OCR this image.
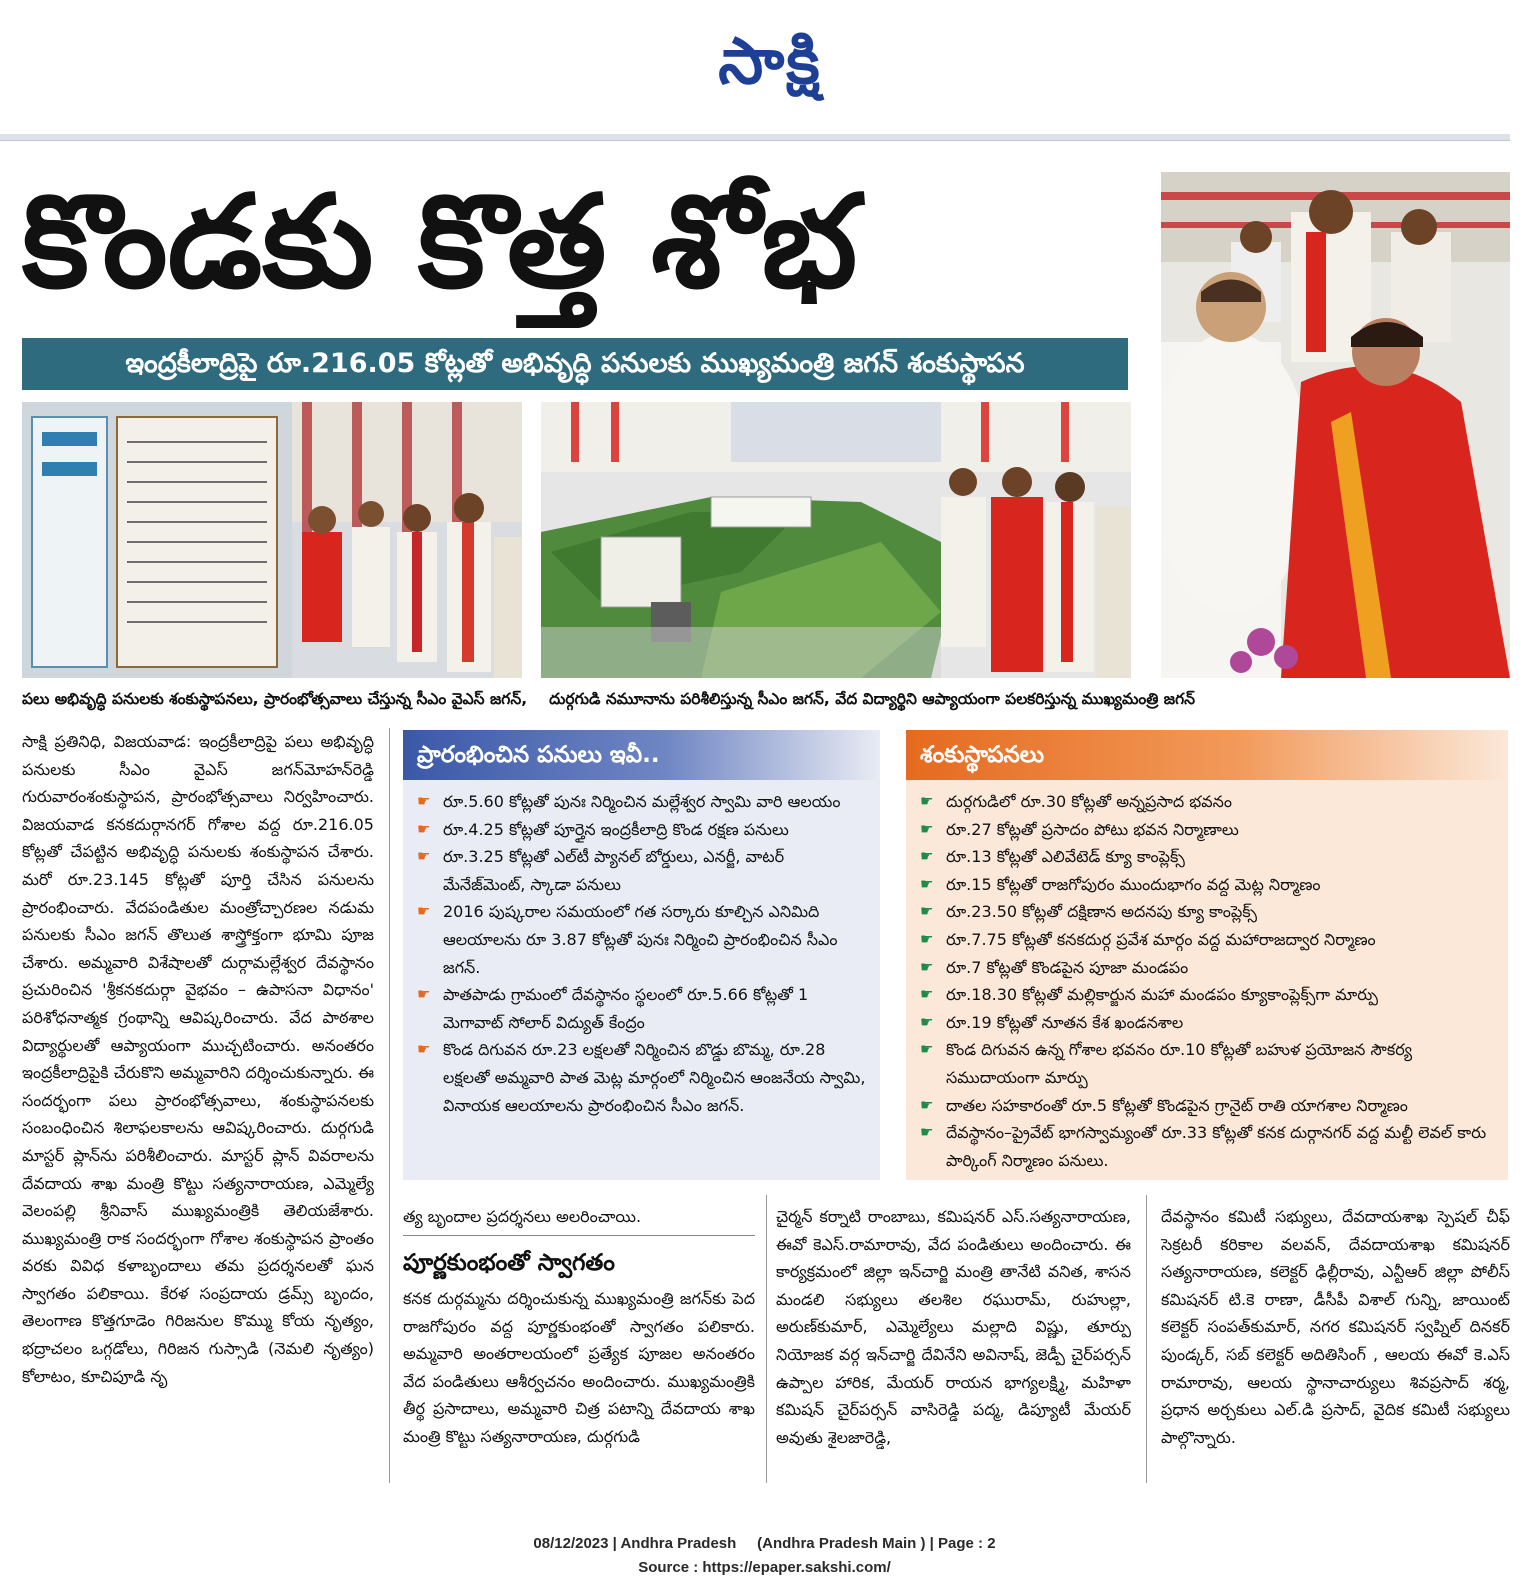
సాక్షి
కొండకు కొత్త శోభ
ఇంద్రకీలాద్రిపై రూ.216.05 కోట్లతో అభివృద్ధి పనులకు ముఖ్యమంత్రి జగన్ శంకుస్థాపన
పలు అభివృద్ధి పనులకు శంకుస్థాపనలు, ప్రారంభోత్సవాలు చేస్తున్న సీఎం వైఎస్ జగన్, దుర్గగుడి నమూనాను పరిశీలిస్తున్న సీఎం జగన్, వేద విద్యార్థిని ఆప్యాయంగా పలకరిస్తున్న ముఖ్యమంత్రి జగన్

సాక్షి ప్రతినిధి, విజయవాడ: ఇంద్రకీలాద్రిపై పలు అభివృద్ధి పనులకు సీఎం వైఎస్ జగన్‌మోహన్‌రెడ్డి గురువారంశంకుస్థాపన, ప్రారంభోత్సవాలు నిర్వహించారు. విజయవాడ కనకదుర్గానగర్ గోశాల వద్ద రూ.216.05 కోట్లతో చేపట్టిన అభివృద్ధి పనులకు శంకుస్థాపన చేశారు. మరో రూ.23.145 కోట్లతో పూర్తి చేసిన పనులను ప్రారంభించారు. వేదపండితుల మంత్రోచ్చారణల నడుమ పనులకు సీఎం జగన్ తొలుత శాస్త్రోక్తంగా భూమి పూజ చేశారు. అమ్మవారి విశేషాలతో దుర్గామల్లేశ్వర దేవస్థానం ప్రచురించిన 'శ్రీకనకదుర్గా వైభవం – ఉపాసనా విధానం' పరిశోధనాత్మక గ్రంథాన్ని ఆవిష్కరించారు. వేద పాఠశాల విద్యార్థులతో ఆప్యాయంగా ముచ్చటించారు. అనంతరం ఇంద్రకీలాద్రిపైకి చేరుకొని అమ్మవారిని దర్శించుకున్నారు. ఈ సందర్భంగా పలు ప్రారంభోత్సవాలు, శంకుస్థాపనలకు సంబంధించిన శిలాఫలకాలను ఆవిష్కరించారు. దుర్గగుడి మాస్టర్ ప్లాన్‌ను పరిశీలించారు. మాస్టర్ ప్లాన్ వివరాలను దేవదాయ శాఖ మంత్రి కొట్టు సత్యనారాయణ, ఎమ్మెల్యే వెలంపల్లి శ్రీనివాస్ ముఖ్యమంత్రికి తెలియజేశారు. ముఖ్యమంత్రి రాక సందర్భంగా గోశాల శంకుస్థాపన ప్రాంతం వరకు వివిధ కళాబృందాలు తమ ప్రదర్శనలతో ఘన స్వాగతం పలికాయి. కేరళ సంప్రదాయ డ్రమ్స్ బృందం, తెలంగాణ కొత్తగూడెం గిరిజనుల కొమ్ము కోయ నృత్యం, భద్రాచలం ఒగ్గడోలు, గిరిజన గుస్సాడి (నెమలి నృత్యం) కోలాటం, కూచిపూడి నృ

ప్రారంభించిన పనులు ఇవీ..
☛ రూ.5.60 కోట్లతో పునః నిర్మించిన మల్లేశ్వర స్వామి వారి ఆలయం
☛ రూ.4.25 కోట్లతో పూర్తైన ఇంద్రకీలాద్రి కొండ రక్షణ పనులు
☛ రూ.3.25 కోట్లతో ఎల్‌టీ ప్యానల్ బోర్డులు, ఎనర్జీ, వాటర్ మేనేజ్‌మెంట్, స్కాడా పనులు
☛ 2016 పుష్కరాల సమయంలో గత సర్కారు కూల్చిన ఎనిమిది ఆలయాలను రూ 3.87 కోట్లతో పునః నిర్మించి ప్రారంభించిన సీఎం జగన్.
☛ పాతపాడు గ్రామంలో దేవస్థానం స్థలంలో రూ.5.66 కోట్లతో 1 మెగావాట్ సోలార్ విద్యుత్ కేంద్రం
☛ కొండ దిగువన రూ.23 లక్షలతో నిర్మించిన బొడ్డు బొమ్మ, రూ.28 లక్షలతో అమ్మవారి పాత మెట్ల మార్గంలో నిర్మించిన ఆంజనేయ స్వామి, వినాయక ఆలయాలను ప్రారంభించిన సీఎం జగన్.
శంకుస్థాపనలు
☛ దుర్గగుడిలో రూ.30 కోట్లతో అన్నప్రసాద భవనం
☛ రూ.27 కోట్లతో ప్రసాదం పోటు భవన నిర్మాణాలు
☛ రూ.13 కోట్లతో ఎలివేటెడ్ క్యూ కాంప్లెక్స్
☛ రూ.15 కోట్లతో రాజగోపురం ముందుభాగం వద్ద మెట్ల నిర్మాణం
☛ రూ.23.50 కోట్లతో దక్షిణాన అదనపు క్యూ కాంప్లెక్స్
☛ రూ.7.75 కోట్లతో కనకదుర్గ ప్రవేశ మార్గం వద్ద మహారాజద్వార నిర్మాణం
☛ రూ.7 కోట్లతో కొండపైన పూజా మండపం
☛ రూ.18.30 కోట్లతో మల్లికార్జున మహా మండపం క్యూకాంప్లెక్స్‌గా మార్పు
☛ రూ.19 కోట్లతో నూతన కేశ ఖండనశాల
☛ కొండ దిగువన ఉన్న గోశాల భవనం రూ.10 కోట్లతో బహుళ ప్రయోజన సౌకర్య సముదాయంగా మార్పు
☛ దాతల సహకారంతో రూ.5 కోట్లతో కొండపైన గ్రానైట్ రాతి యాగశాల నిర్మాణం
☛ దేవస్థానం–ప్రైవేట్ భాగస్వామ్యంతో రూ.33 కోట్లతో కనక దుర్గానగర్ వద్ద మల్టీ లెవల్ కారు పార్కింగ్ నిర్మాణం పనులు.

త్య బృందాల ప్రదర్శనలు అలరించాయి.

పూర్ణకుంభంతో స్వాగతం

కనక దుర్గమ్మను దర్శించుకున్న ముఖ్యమంత్రి జగన్‌కు పెద రాజగోపురం వద్ద పూర్ణకుంభంతో స్వాగతం పలికారు. అమ్మవారి అంతరాలయంలో ప్రత్యేక పూజల అనంతరం వేద పండితులు ఆశీర్వచనం అందించారు. ముఖ్యమంత్రికి తీర్థ ప్రసాదాలు, అమ్మవారి చిత్ర పటాన్ని దేవదాయ శాఖ మంత్రి కొట్టు సత్యనారాయణ, దుర్గగుడి

చైర్మన్ కర్నాటి రాంబాబు, కమిషనర్ ఎస్.సత్యనారాయణ, ఈవో కెఎస్.రామారావు, వేద పండితులు అందించారు. ఈ కార్యక్రమంలో జిల్లా ఇన్‌చార్జి మంత్రి తానేటి వనిత, శాసన మండలి సభ్యులు తలశిల రఘురామ్, రుహుల్లా, అరుణ్‌కుమార్, ఎమ్మెల్యేలు మల్లాది విష్ణు, తూర్పు నియోజక వర్గ ఇన్‌చార్జి దేవినేని అవినాష్, జెడ్పీ చైర్‌పర్సన్ ఉప్పాల హారిక, మేయర్ రాయన భాగ్యలక్ష్మి, మహిళా కమిషన్ చైర్‌పర్సన్ వాసిరెడ్డి పద్మ, డిప్యూటీ మేయర్ అవుతు శైలజారెడ్డి,

దేవస్థానం కమిటీ సభ్యులు, దేవదాయశాఖ స్పెషల్ చీఫ్ సెక్రటరీ కరికాల వలవన్, దేవదాయశాఖ కమిషనర్ సత్యనారాయణ, కలెక్టర్ ఢిల్లీరావు, ఎన్టీఆర్ జిల్లా పోలీస్ కమిషనర్ టి.కె రాణా, డీసీపీ విశాల్ గున్ని, జాయింట్ కలెక్టర్ సంపత్‌కుమార్, నగర కమిషనర్ స్వప్నిల్ దినకర్ పుండ్కర్, సబ్ కలెక్టర్ అదితిసింగ్ , ఆలయ ఈవో కె.ఎస్ రామారావు, ఆలయ స్థానాచార్యులు శివప్రసాద్ శర్మ, ప్రధాన అర్చకులు ఎల్.డి ప్రసాద్, వైదిక కమిటీ సభ్యులు పాల్గొన్నారు.

08/12/2023 | Andhra Pradesh     (Andhra Pradesh Main ) | Page : 2
Source : https://epaper.sakshi.com/
